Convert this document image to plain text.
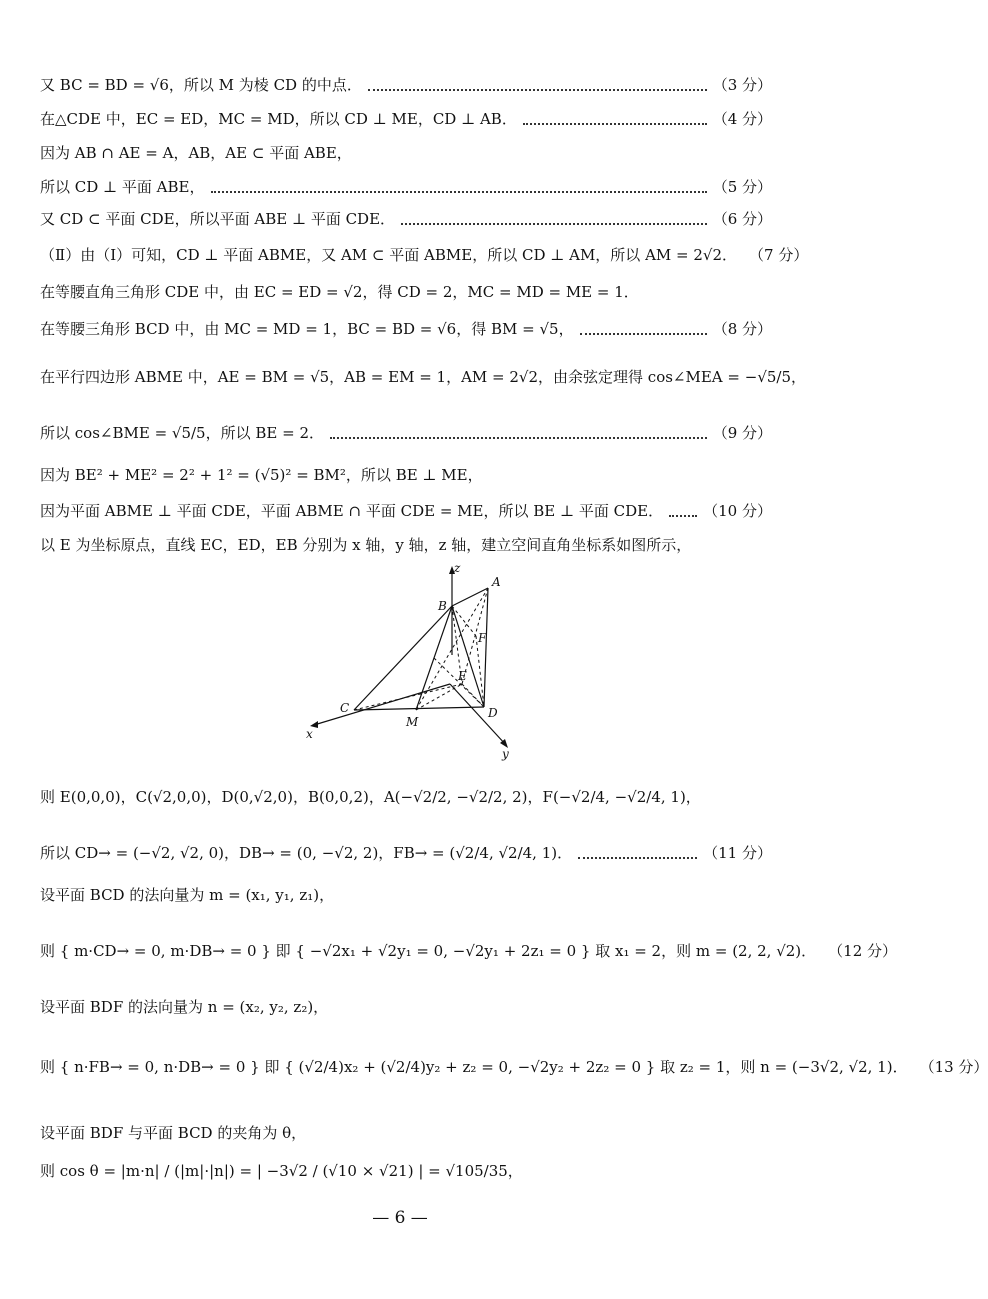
又 BC = BD = √6，所以 M 为棱 CD 的中点．	（3 分）
在△CDE 中，EC = ED，MC = MD，所以 CD ⊥ ME，CD ⊥ AB．	（4 分）
因为 AB ∩ AE = A，AB，AE ⊂ 平面 ABE，
所以 CD ⊥ 平面 ABE，	（5 分）
又 CD ⊂ 平面 CDE，所以平面 ABE ⊥ 平面 CDE．	（6 分）
（Ⅱ）由（Ⅰ）可知，CD ⊥ 平面 ABME，又 AM ⊂ 平面 ABME，所以 CD ⊥ AM，所以 AM = 2√2． （7 分）
在等腰直角三角形 CDE 中，由 EC = ED = √2，得 CD = 2，MC = MD = ME = 1．
在等腰三角形 BCD 中，由 MC = MD = 1，BC = BD = √6，得 BM = √5，	（8 分）
在平行四边形 ABME 中，AE = BM = √5，AB = EM = 1，AM = 2√2，由余弦定理得 cos∠MEA = −√5/5，
所以 cos∠BME = √5/5，所以 BE = 2．	（9 分）
因为 BE² + ME² = 2² + 1² = (√5)² = BM²，所以 BE ⊥ ME，
因为平面 ABME ⊥ 平面 CDE，平面 ABME ∩ 平面 CDE = ME，所以 BE ⊥ 平面 CDE．	（10 分）
以 E 为坐标原点，直线 EC，ED，EB 分别为 x 轴，y 轴，z 轴，建立空间直角坐标系如图所示，
z
x
y
A
B
C	D
E
F
M
则 E(0,0,0)，C(√2,0,0)，D(0,√2,0)，B(0,0,2)，A(−√2/2, −√2/2, 2)，F(−√2/4, −√2/4, 1)，
所以 CD→ = (−√2, √2, 0)，DB→ = (0, −√2, 2)，FB→ = (√2/4, √2/4, 1)．	（11 分）
设平面 BCD 的法向量为 m = (x₁, y₁, z₁)，
则 { m·CD→ = 0, m·DB→ = 0 } 即 { −√2x₁ + √2y₁ = 0, −√2y₁ + 2z₁ = 0 } 取 x₁ = 2，则 m = (2, 2, √2)． （12 分）
设平面 BDF 的法向量为 n = (x₂, y₂, z₂)，
则 { n·FB→ = 0, n·DB→ = 0 } 即 { (√2/4)x₂ + (√2/4)y₂ + z₂ = 0, −√2y₂ + 2z₂ = 0 } 取 z₂ = 1，则 n = (−3√2, √2, 1)． （13 分）
设平面 BDF 与平面 BCD 的夹角为 θ，
则 cos θ = |m·n| / (|m|·|n|) = | −3√2 / (√10 × √21) | = √105/35，
— 6 —
